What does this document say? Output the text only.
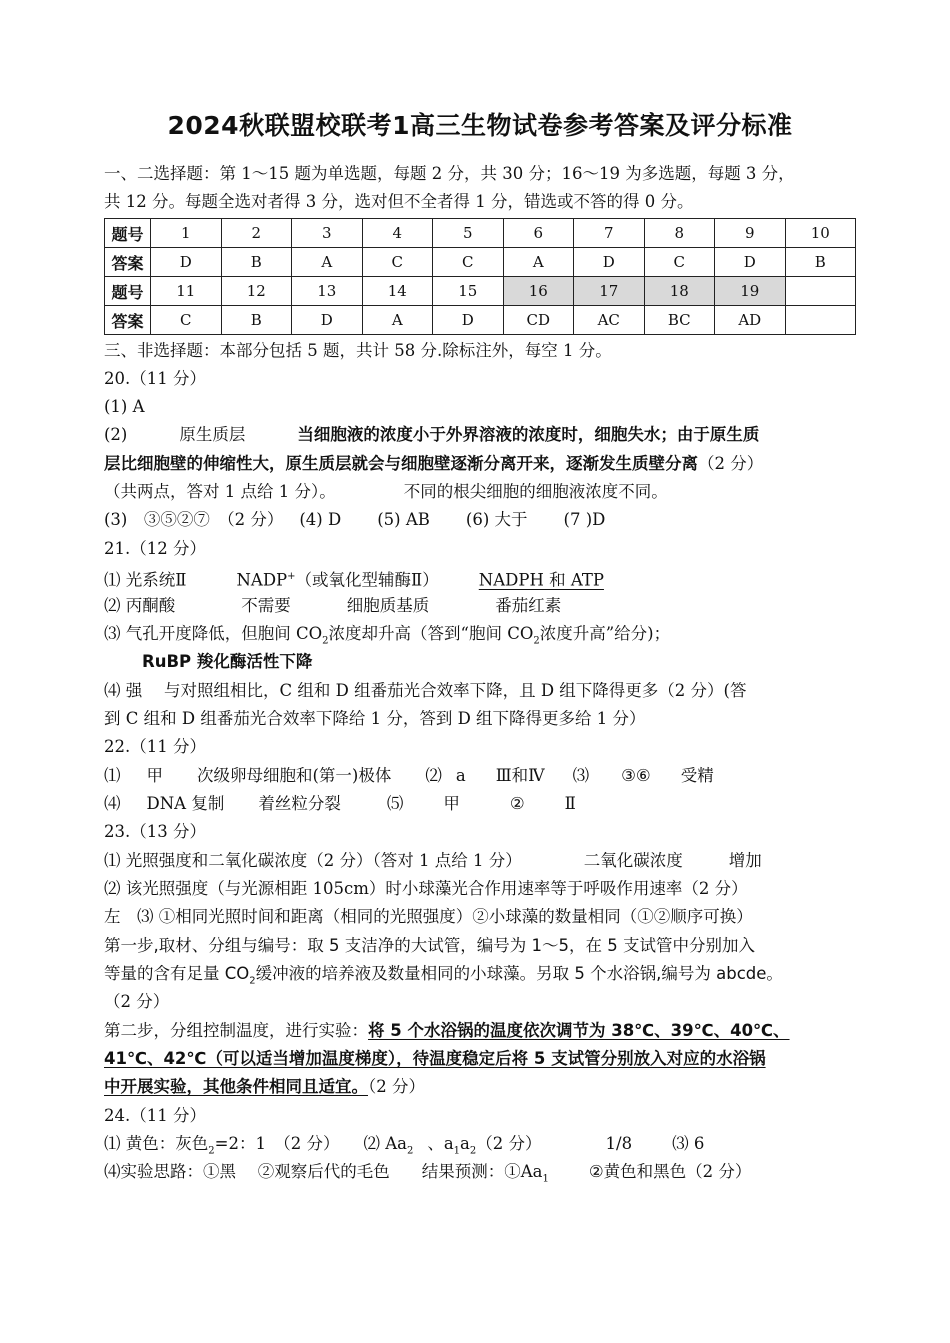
2024秋联盟校联考1高三生物试卷参考答案及评分标准
一、二选择题：第 1～15 题为单选题，每题 2 分，共 30 分；16～19 为多选题，每题 3 分，
共 12 分。每题全选对者得 3 分，选对但不全者得 1 分，错选或不答的得 0 分。
题号	1	2	3	4	5	6	7	8	9	10
答案	D	B	A	C	C	A	D	C	D	B
题号	11	12	13	14	15	16	17	18	19	
答案	C	B	D	A	D	CD	AC	BC	AD	
三、非选择题：本部分包括 5 题，共计 58 分.除标注外，每空 1 分。
20.（11 分）
(1) A
(2)	原生质层	当细胞液的浓度小于外界溶液的浓度时，细胞失水；由于原生质
层比细胞壁的伸缩性大，原生质层就会与细胞壁逐渐分离开来，逐渐发生质壁分离（2 分）
（共两点，答对 1 点给 1 分）。	不同的根尖细胞的细胞液浓度不同。
(3)　③⑤②⑦　（2 分） (4) D (5) AB (6) 大于 (7 )D
21.（12 分）
⑴ 光系统Ⅱ	NADP+（或氧化型辅酶Ⅱ） NADPH 和 ATP
⑵ 丙酮酸	不需要	细胞质基质	番茄红素
⑶ 气孔开度降低，但胞间 $CO_2$浓度却升高（答到“胞间 $CO_2$浓度升高”给分)；
RuBP 羧化酶活性下降
⑷ 强　 与对照组相比，C 组和 D 组番茄光合效率下降，且 D 组下降得更多（2 分）(答
到 C 组和 D 组番茄光合效率下降给 1 分，答到 D 组下降得更多给 1 分）
22.（11 分）
⑴ 甲 次级卵母细胞和(第一)极体 ⑵ a Ⅲ和Ⅳ ⑶ ③⑥ 受精
⑷ DNA 复制 着丝粒分裂	⑸ 甲	② Ⅱ
23.（13 分）
⑴ 光照强度和二氧化碳浓度（2 分）（答对 1 点给 1 分）	二氧化碳浓度	增加
⑵ 该光照强度（与光源相距 105cm）时小球藻光合作用速率等于呼吸作用速率（2 分）
左　⑶ ①相同光照时间和距离（相同的光照强度）②小球藻的数量相同（①②顺序可换）
第一步,取材、分组与编号：取 5 支洁净的大试管，编号为 1～5，在 5 支试管中分别加入
等量的含有足量 $CO_2$缓冲液的培养液及数量相同的小球藻。另取 5 个水浴锅,编号为 abcde。
（2 分）
第二步，分组控制温度，进行实验：将 5 个水浴锅的温度依次调节为 38℃、39℃、40℃、
41℃、42℃（可以适当增加温度梯度），待温度稳定后将 5 支试管分别放入对应的水浴锅
中开展实验，其他条件相同且适宜。（2 分）
24.（11 分）
⑴ 黄色：灰色$_2$=2：1　（2 分） ⑵ $Aa_2$ 、$a_1a_2(2$ 分）	1/8 ⑶ 6
⑷实验思路：①黑　 ②观察后代的毛色 结果预测：$①Aa_1$ ②黄色和黑色（2 分）
